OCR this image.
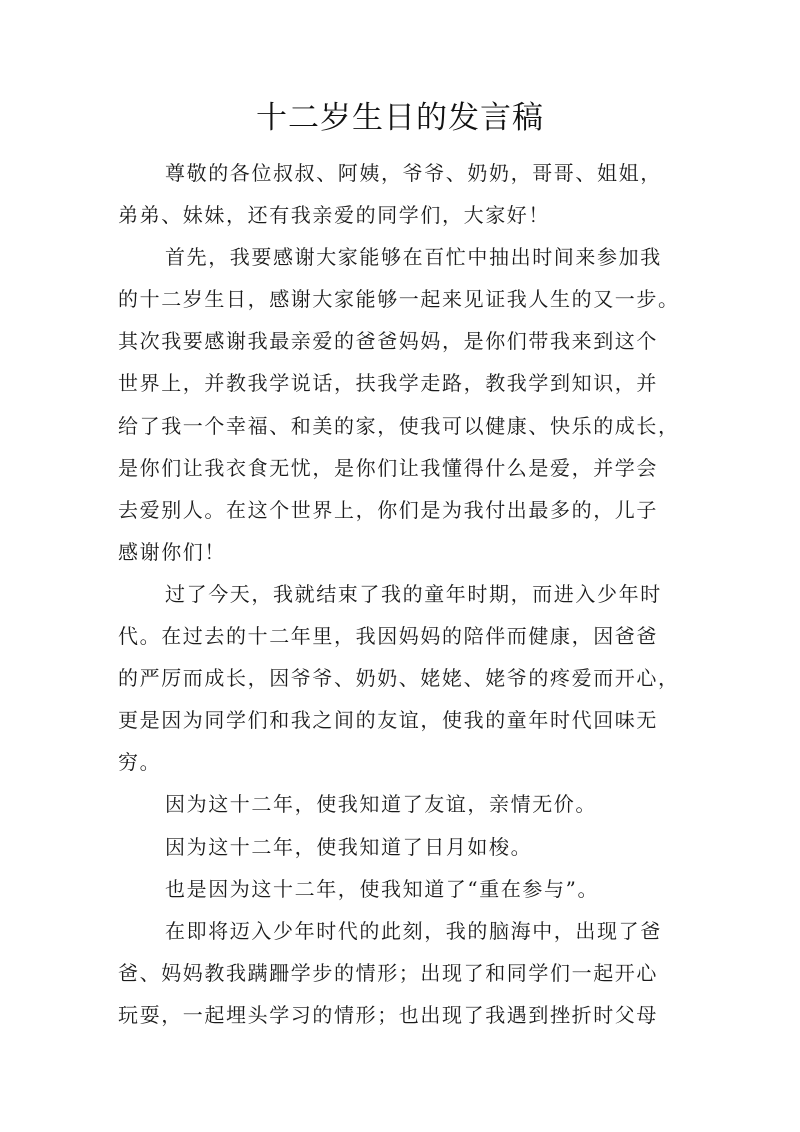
十二岁生日的发言稿
尊敬的各位叔叔、阿姨，爷爷、奶奶，哥哥、姐姐，
弟弟、妹妹，还有我亲爱的同学们，大家好！
首先，我要感谢大家能够在百忙中抽出时间来参加我
的十二岁生日，感谢大家能够一起来见证我人生的又一步。
其次我要感谢我最亲爱的爸爸妈妈，是你们带我来到这个
世界上，并教我学说话，扶我学走路，教我学到知识，并
给了我一个幸福、和美的家，使我可以健康、快乐的成长，
是你们让我衣食无忧，是你们让我懂得什么是爱，并学会
去爱别人。在这个世界上，你们是为我付出最多的，儿子
感谢你们！
过了今天，我就结束了我的童年时期，而进入少年时
代。在过去的十二年里，我因妈妈的陪伴而健康，因爸爸
的严厉而成长，因爷爷、奶奶、姥姥、姥爷的疼爱而开心，
更是因为同学们和我之间的友谊，使我的童年时代回味无
穷。
因为这十二年，使我知道了友谊，亲情无价。
因为这十二年，使我知道了日月如梭。
也是因为这十二年，使我知道了“重在参与”。
在即将迈入少年时代的此刻，我的脑海中，出现了爸
爸、妈妈教我蹒跚学步的情形；出现了和同学们一起开心
玩耍，一起埋头学习的情形；也出现了我遇到挫折时父母
